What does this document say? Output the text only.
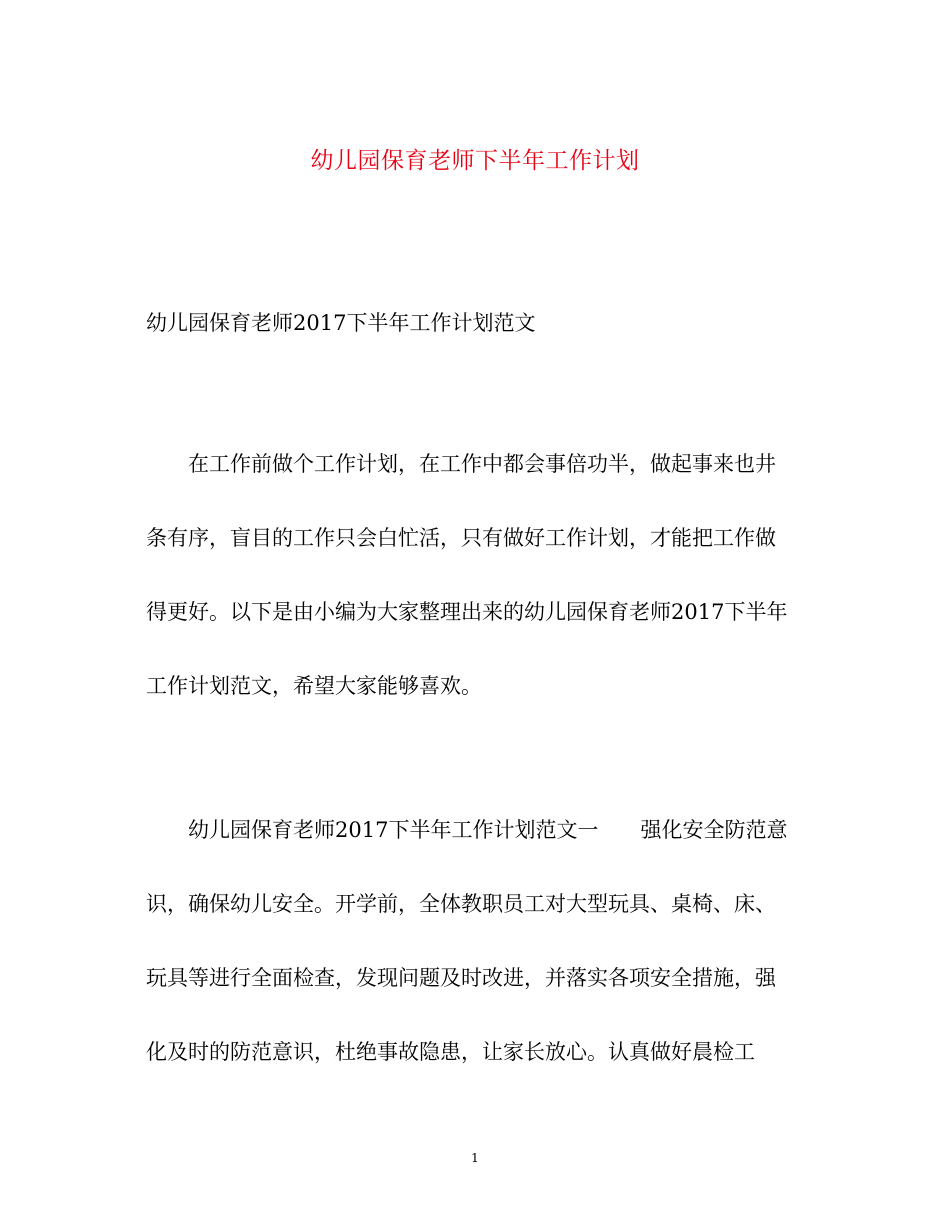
幼儿园保育老师下半年工作计划
幼儿园保育老师2017下半年工作计划范文
在工作前做个工作计划，在工作中都会事倍功半，做起事来也井
条有序，盲目的工作只会白忙活，只有做好工作计划，才能把工作做
得更好。以下是由小编为大家整理出来的幼儿园保育老师2017下半年
工作计划范文，希望大家能够喜欢。
幼儿园保育老师2017下半年工作计划范文一 强化安全防范意
识，确保幼儿安全。开学前，全体教职员工对大型玩具、桌椅、床、
玩具等进行全面检查，发现问题及时改进，并落实各项安全措施，强
化及时的防范意识，杜绝事故隐患，让家长放心。认真做好晨检工
1
